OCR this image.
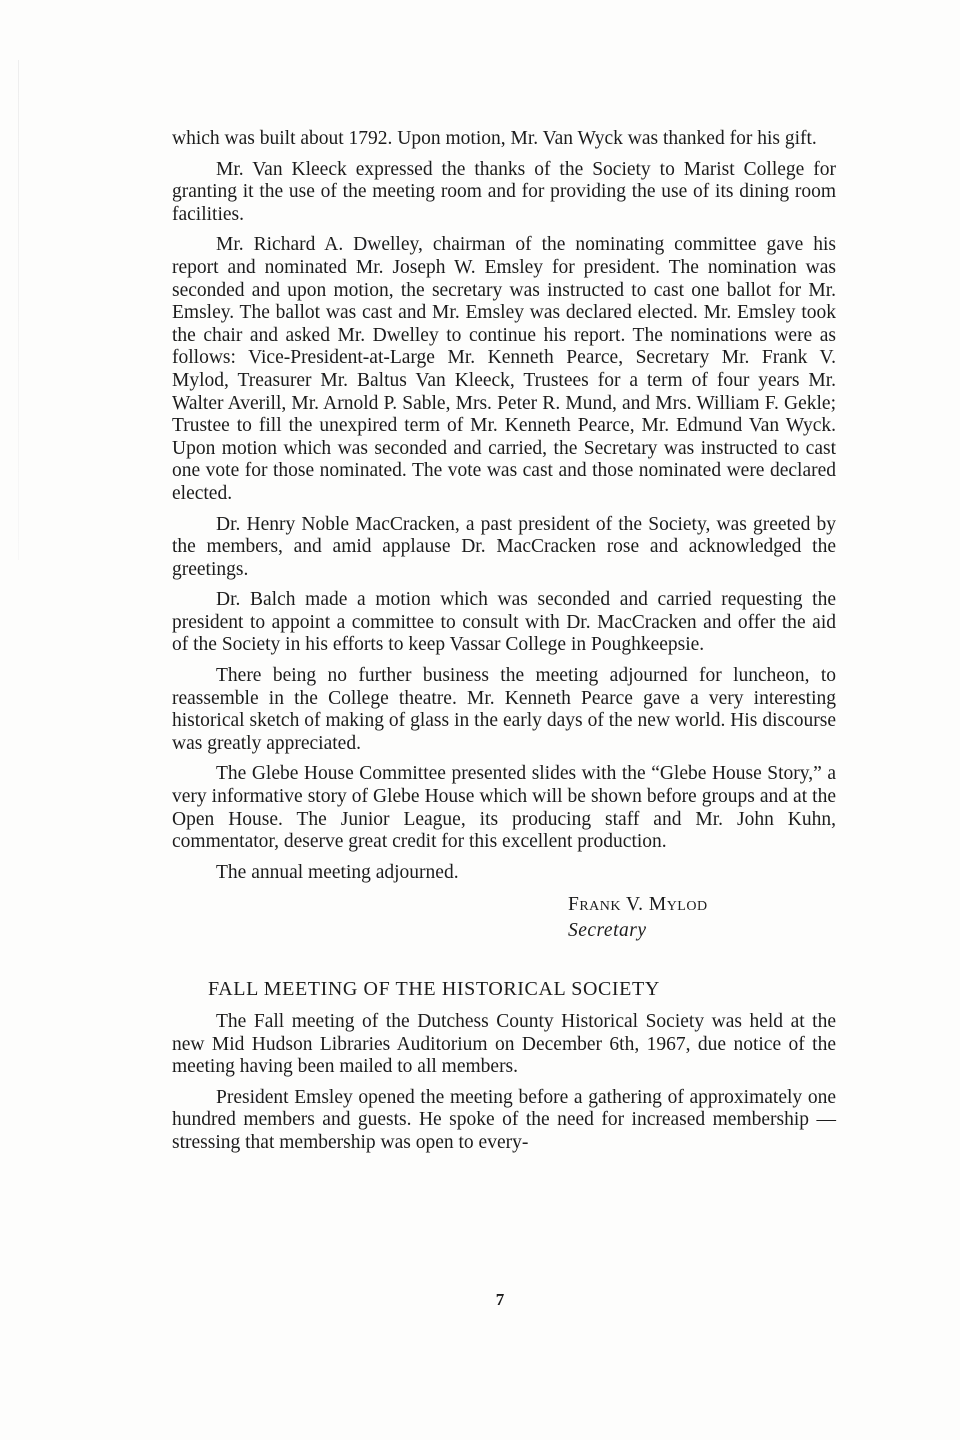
which was built about 1792. Upon motion, Mr. Van Wyck was thanked for his gift.

Mr. Van Kleeck expressed the thanks of the Society to Marist College for granting it the use of the meeting room and for providing the use of its dining room facilities.

Mr. Richard A. Dwelley, chairman of the nominating committee gave his report and nominated Mr. Joseph W. Emsley for president. The nomination was seconded and upon motion, the secretary was instructed to cast one ballot for Mr. Emsley. The ballot was cast and Mr. Emsley was declared elected. Mr. Emsley took the chair and asked Mr. Dwelley to continue his report. The nominations were as follows: Vice-President-at-Large Mr. Kenneth Pearce, Secretary Mr. Frank V. Mylod, Treasurer Mr. Baltus Van Kleeck, Trustees for a term of four years Mr. Walter Averill, Mr. Arnold P. Sable, Mrs. Peter R. Mund, and Mrs. William F. Gekle; Trustee to fill the unexpired term of Mr. Kenneth Pearce, Mr. Edmund Van Wyck. Upon motion which was seconded and carried, the Secretary was instructed to cast one vote for those nominated. The vote was cast and those nominated were declared elected.

Dr. Henry Noble MacCracken, a past president of the Society, was greeted by the members, and amid applause Dr. MacCracken rose and acknowledged the greetings.

Dr. Balch made a motion which was seconded and carried requesting the president to appoint a committee to consult with Dr. MacCracken and offer the aid of the Society in his efforts to keep Vassar College in Poughkeepsie.

There being no further business the meeting adjourned for luncheon, to reassemble in the College theatre. Mr. Kenneth Pearce gave a very interesting historical sketch of making of glass in the early days of the new world. His discourse was greatly appreciated.

The Glebe House Committee presented slides with the “Glebe House Story,” a very informative story of Glebe House which will be shown before groups and at the Open House. The Junior League, its producing staff and Mr. John Kuhn, commentator, deserve great credit for this excellent production.

The annual meeting adjourned.

Frank V. Mylod
Secretary
FALL MEETING OF THE HISTORICAL SOCIETY

The Fall meeting of the Dutchess County Historical Society was held at the new Mid Hudson Libraries Auditorium on December 6th, 1967, due notice of the meeting having been mailed to all members.

President Emsley opened the meeting before a gathering of approximately one hundred members and guests. He spoke of the need for increased membership — stressing that membership was open to every-

7
